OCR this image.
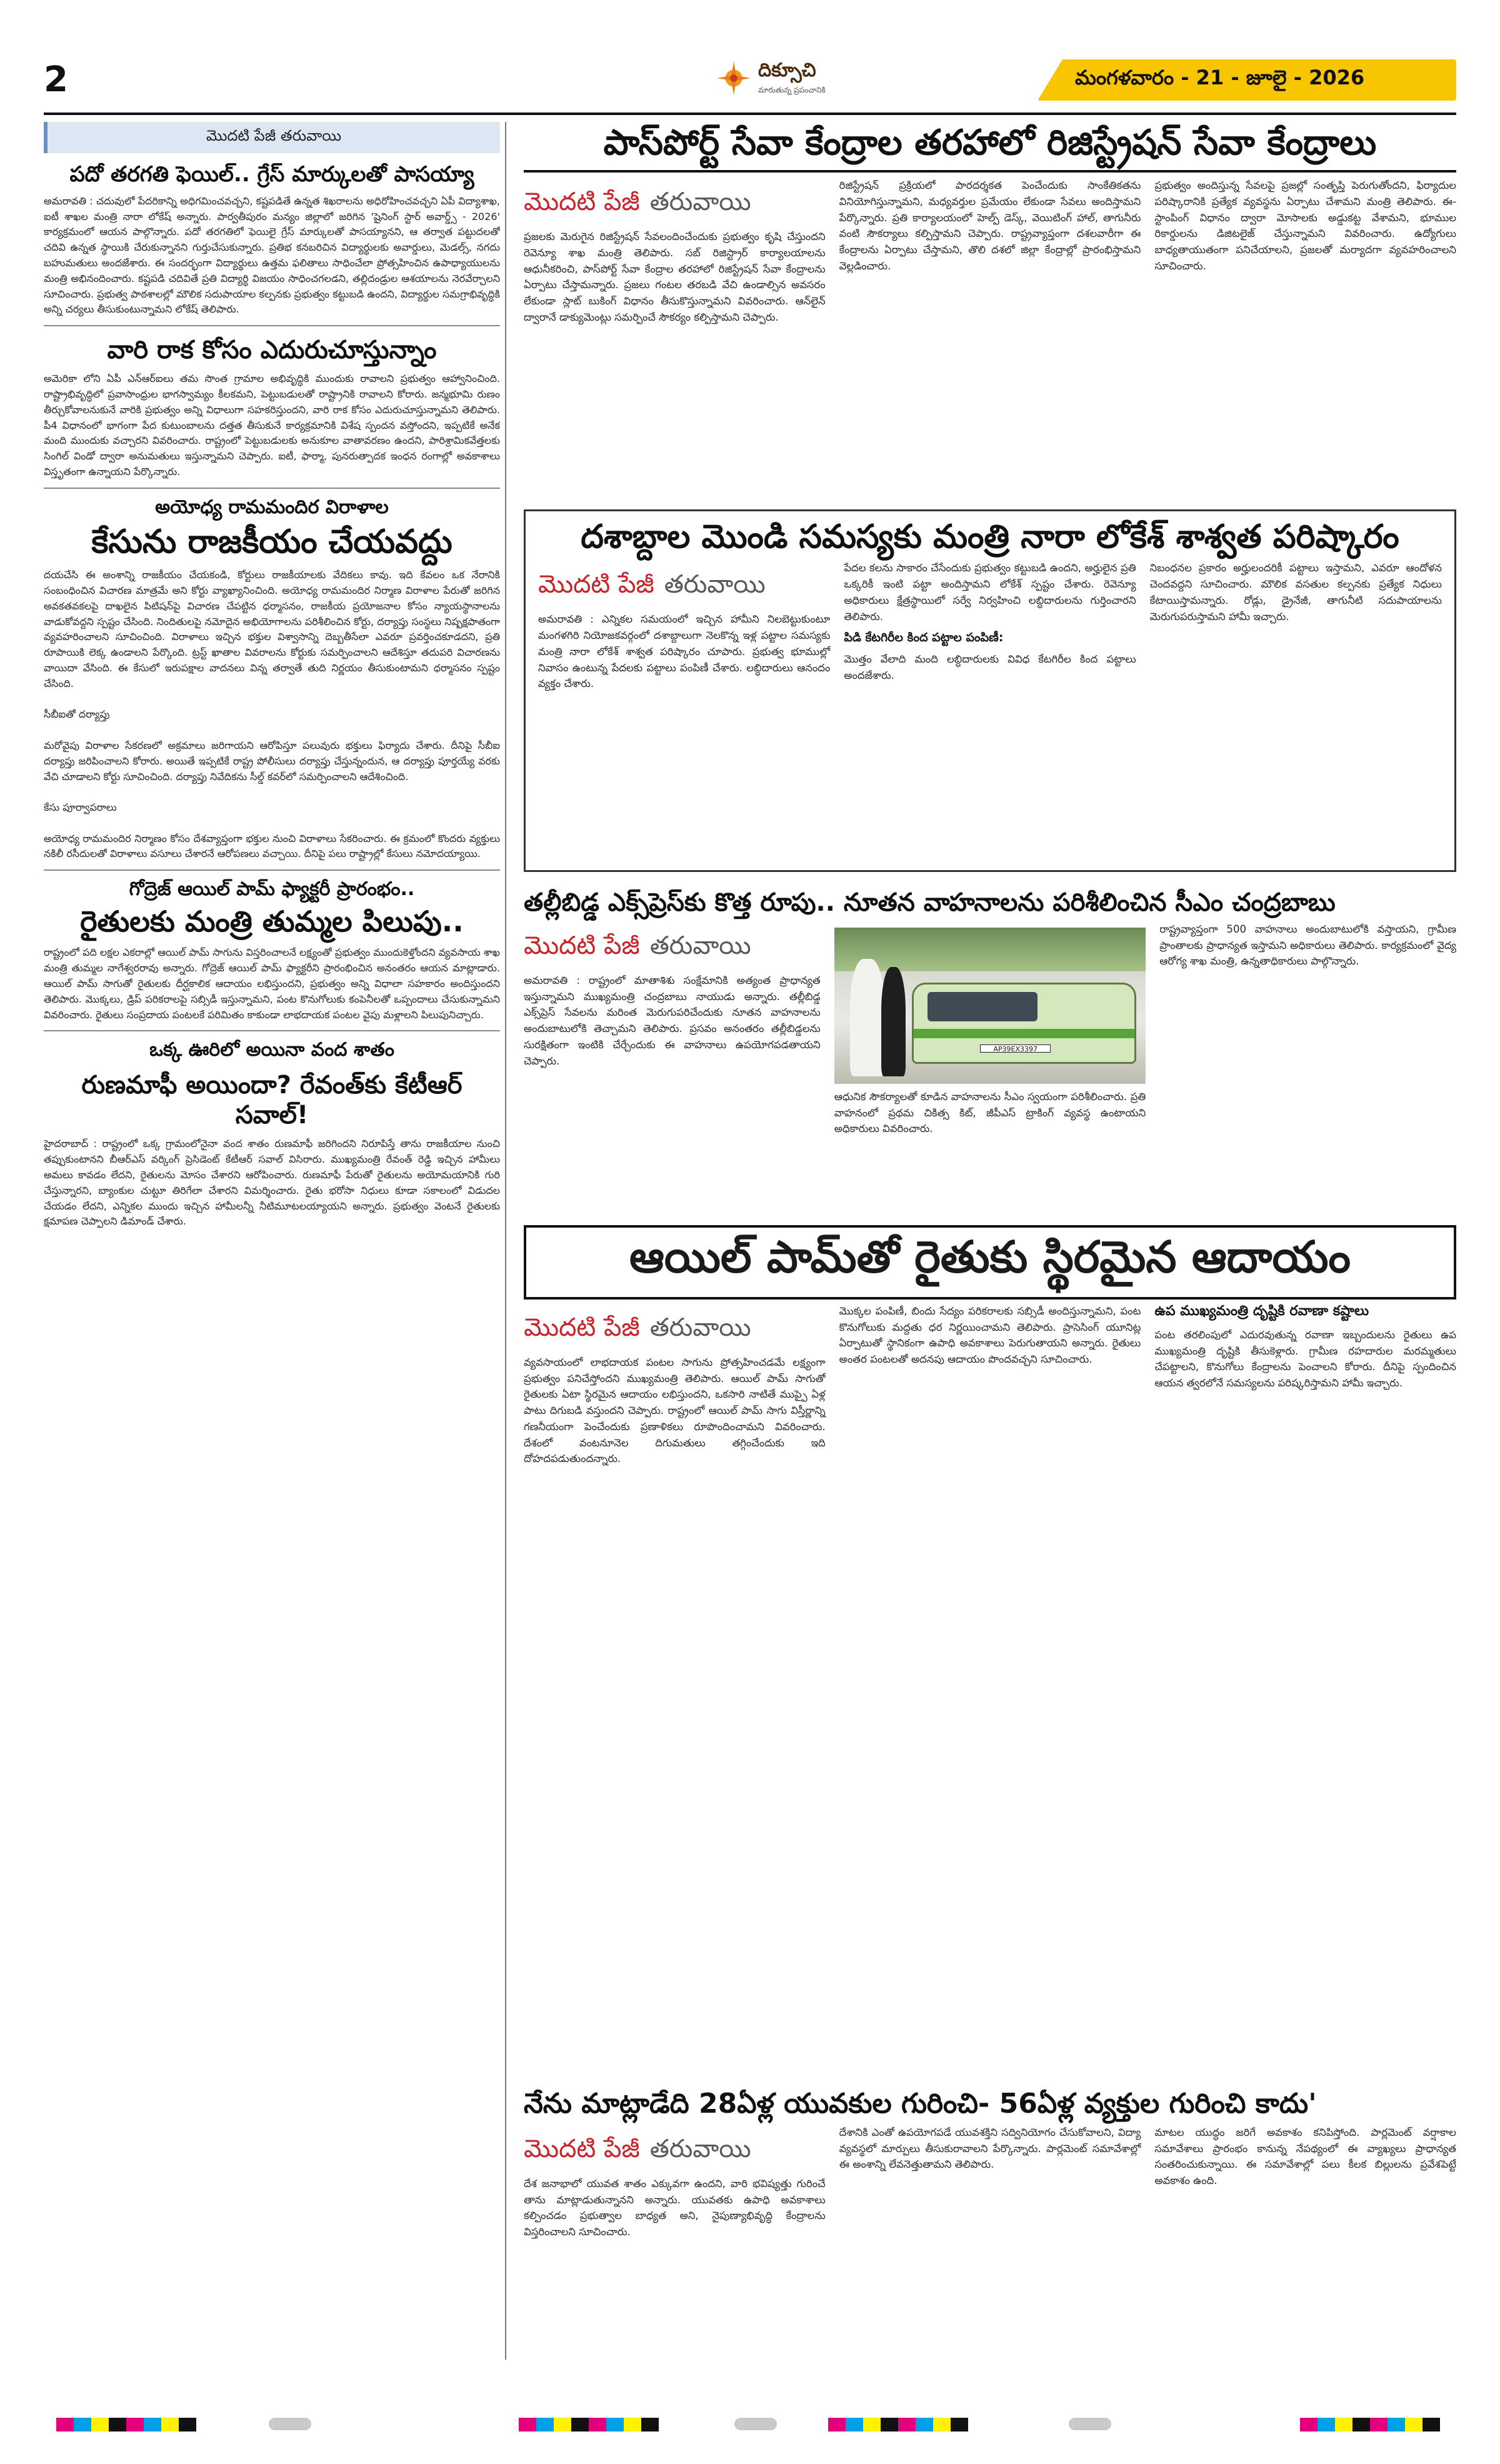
2	దిక్సూచి
మారుతున్న ప్రపంచానికి
మంగళవారం - 21 - జూలై - 2026
మొదటి పేజీ తరువాయి
పదో తరగతి ఫెయిల్.. గ్రేస్ మార్కులతో పాసయ్యా
అమరావతి : చదువులో పేదరికాన్ని అధిగమించవచ్చని, కష్టపడితే ఉన్నత శిఖరాలను అధిరోహించవచ్చని ఏపీ విద్యాశాఖ, ఐటీ శాఖల మంత్రి నారా లోకేష్ అన్నారు. పార్వతీపురం మన్యం జిల్లాలో జరిగిన 'షైనింగ్ స్టార్ అవార్డ్స్ - 2026' కార్యక్రమంలో ఆయన పాల్గొన్నారు. పదో తరగతిలో ఫెయిలై గ్రేస్ మార్కులతో పాసయ్యానని, ఆ తర్వాత పట్టుదలతో చదివి ఉన్నత స్థాయికి చేరుకున్నానని గుర్తుచేసుకున్నారు. ప్రతిభ కనబరిచిన విద్యార్థులకు అవార్డులు, మెడల్స్, నగదు బహుమతులు అందజేశారు. ఈ సందర్భంగా విద్యార్థులు ఉత్తమ ఫలితాలు సాధించేలా ప్రోత్సహించిన ఉపాధ్యాయులను మంత్రి అభినందించారు. కష్టపడి చదివితే ప్రతి విద్యార్థి విజయం సాధించగలడని, తల్లిదండ్రుల ఆశయాలను నెరవేర్చాలని సూచించారు. ప్రభుత్వ పాఠశాలల్లో మౌలిక సదుపాయాల కల్పనకు ప్రభుత్వం కట్టుబడి ఉందని, విద్యార్థుల సమగ్రాభివృద్ధికి అన్ని చర్యలు తీసుకుంటున్నామని లోకేష్ తెలిపారు.
వారి రాక కోసం ఎదురుచూస్తున్నాం
అమెరికా లోని ఏపీ ఎన్ఆర్ఐలు తమ సొంత గ్రామాల అభివృద్ధికి ముందుకు రావాలని ప్రభుత్వం ఆహ్వానించింది. రాష్ట్రాభివృద్ధిలో ప్రవాసాంధ్రుల భాగస్వామ్యం కీలకమని, పెట్టుబడులతో రాష్ట్రానికి రావాలని కోరారు. జన్మభూమి రుణం తీర్చుకోవాలనుకునే వారికి ప్రభుత్వం అన్ని విధాలుగా సహకరిస్తుందని, వారి రాక కోసం ఎదురుచూస్తున్నామని తెలిపారు. పీ4 విధానంలో భాగంగా పేద కుటుంబాలను దత్తత తీసుకునే కార్యక్రమానికి విశేష స్పందన వస్తోందని, ఇప్పటికే అనేక మంది ముందుకు వచ్చారని వివరించారు. రాష్ట్రంలో పెట్టుబడులకు అనుకూల వాతావరణం ఉందని, పారిశ్రామికవేత్తలకు సింగిల్ విండో ద్వారా అనుమతులు ఇస్తున్నామని చెప్పారు. ఐటీ, ఫార్మా, పునరుత్పాదక ఇంధన రంగాల్లో అవకాశాలు విస్తృతంగా ఉన్నాయని పేర్కొన్నారు.
అయోధ్య రామమందిర విరాళాల
కేసును రాజకీయం చేయవద్దు
దయచేసి ఈ అంశాన్ని రాజకీయం చేయకండి, కోర్టులు రాజకీయాలకు వేదికలు కావు. ఇది కేవలం ఒక నేరానికి సంబంధించిన విచారణ మాత్రమే అని కోర్టు వ్యాఖ్యానించింది. అయోధ్య రామమందిర నిర్మాణ విరాళాల పేరుతో జరిగిన అవకతవకలపై దాఖలైన పిటిషన్‌పై విచారణ చేపట్టిన ధర్మాసనం, రాజకీయ ప్రయోజనాల కోసం న్యాయస్థానాలను వాడుకోవద్దని స్పష్టం చేసింది. నిందితులపై నమోదైన అభియోగాలను పరిశీలించిన కోర్టు, దర్యాప్తు సంస్థలు నిష్పక్షపాతంగా వ్యవహరించాలని సూచించింది. విరాళాలు ఇచ్చిన భక్తుల విశ్వాసాన్ని దెబ్బతీసేలా ఎవరూ ప్రవర్తించకూడదని, ప్రతి రూపాయికి లెక్క ఉండాలని పేర్కొంది. ట్రస్ట్ ఖాతాల వివరాలను కోర్టుకు సమర్పించాలని ఆదేశిస్తూ తదుపరి విచారణను వాయిదా వేసింది. ఈ కేసులో ఇరుపక్షాల వాదనలు విన్న తర్వాతే తుది నిర్ణయం తీసుకుంటామని ధర్మాసనం స్పష్టం చేసింది.

సీబీఐతో దర్యాప్తు

మరోవైపు విరాళాల సేకరణలో అక్రమాలు జరిగాయని ఆరోపిస్తూ పలువురు భక్తులు ఫిర్యాదు చేశారు. దీనిపై సీబీఐ దర్యాప్తు జరిపించాలని కోరారు. అయితే ఇప్పటికే రాష్ట్ర పోలీసులు దర్యాప్తు చేస్తున్నందున, ఆ దర్యాప్తు పూర్తయ్యే వరకు వేచి చూడాలని కోర్టు సూచించింది. దర్యాప్తు నివేదికను సీల్డ్ కవర్‌లో సమర్పించాలని ఆదేశించింది.

కేసు పూర్వాపరాలు

అయోధ్య రామమందిర నిర్మాణం కోసం దేశవ్యాప్తంగా భక్తుల నుంచి విరాళాలు సేకరించారు. ఈ క్రమంలో కొందరు వ్యక్తులు నకిలీ రసీదులతో విరాళాలు వసూలు చేశారనే ఆరోపణలు వచ్చాయి. దీనిపై పలు రాష్ట్రాల్లో కేసులు నమోదయ్యాయి.
గోద్రెజ్ ఆయిల్ పామ్ ఫ్యాక్టరీ ప్రారంభం..
రైతులకు మంత్రి తుమ్మల పిలుపు..
రాష్ట్రంలో పది లక్షల ఎకరాల్లో ఆయిల్ పామ్ సాగును విస్తరించాలనే లక్ష్యంతో ప్రభుత్వం ముందుకెళ్తోందని వ్యవసాయ శాఖ మంత్రి తుమ్మల నాగేశ్వరరావు అన్నారు. గోద్రెజ్ ఆయిల్ పామ్ ఫ్యాక్టరీని ప్రారంభించిన అనంతరం ఆయన మాట్లాడారు. ఆయిల్ పామ్ సాగుతో రైతులకు దీర్ఘకాలిక ఆదాయం లభిస్తుందని, ప్రభుత్వం అన్ని విధాలా సహకారం అందిస్తుందని తెలిపారు. మొక్కలు, డ్రిప్ పరికరాలపై సబ్సిడీ ఇస్తున్నామని, పంట కొనుగోలుకు కంపెనీలతో ఒప్పందాలు చేసుకున్నామని వివరించారు. రైతులు సంప్రదాయ పంటలకే పరిమితం కాకుండా లాభదాయక పంటల వైపు మళ్లాలని పిలుపునిచ్చారు.
ఒక్క ఊరిలో అయినా వంద శాతం
రుణమాఫీ అయిందా? రేవంత్‌కు కేటీఆర్ సవాల్!
హైదరాబాద్ : రాష్ట్రంలో ఒక్క గ్రామంలోనైనా వంద శాతం రుణమాఫీ జరిగిందని నిరూపిస్తే తాను రాజకీయాల నుంచి తప్పుకుంటానని బీఆర్ఎస్ వర్కింగ్ ప్రెసిడెంట్ కేటీఆర్ సవాల్ విసిరారు. ముఖ్యమంత్రి రేవంత్ రెడ్డి ఇచ్చిన హామీలు అమలు కావడం లేదని, రైతులను మోసం చేశారని ఆరోపించారు. రుణమాఫీ పేరుతో రైతులను అయోమయానికి గురి చేస్తున్నారని, బ్యాంకుల చుట్టూ తిరిగేలా చేశారని విమర్శించారు. రైతు భరోసా నిధులు కూడా సకాలంలో విడుదల చేయడం లేదని, ఎన్నికల ముందు ఇచ్చిన హామీలన్నీ నీటిమూటలయ్యాయని అన్నారు. ప్రభుత్వం వెంటనే రైతులకు క్షమాపణ చెప్పాలని డిమాండ్ చేశారు.
పాస్‌పోర్ట్ సేవా కేంద్రాల తరహాలో రిజిస్ట్రేషన్ సేవా కేంద్రాలు
మొదటి పేజీ తరువాయి
ప్రజలకు మెరుగైన రిజిస్ట్రేషన్ సేవలందించేందుకు ప్రభుత్వం కృషి చేస్తుందని రెవెన్యూ శాఖ మంత్రి తెలిపారు. సబ్ రిజిస్ట్రార్ కార్యాలయాలను ఆధునీకరించి, పాస్‌పోర్ట్ సేవా కేంద్రాల తరహాలో రిజిస్ట్రేషన్ సేవా కేంద్రాలను ఏర్పాటు చేస్తామన్నారు. ప్రజలు గంటల తరబడి వేచి ఉండాల్సిన అవసరం లేకుండా స్లాట్ బుకింగ్ విధానం తీసుకొస్తున్నామని వివరించారు. ఆన్‌లైన్ ద్వారానే డాక్యుమెంట్లు సమర్పించే సౌకర్యం కల్పిస్తామని చెప్పారు.
రిజిస్ట్రేషన్ ప్రక్రియలో పారదర్శకత పెంచేందుకు సాంకేతికతను వినియోగిస్తున్నామని, మధ్యవర్తుల ప్రమేయం లేకుండా సేవలు అందిస్తామని పేర్కొన్నారు. ప్రతి కార్యాలయంలో హెల్ప్ డెస్క్, వెయిటింగ్ హాల్, తాగునీరు వంటి సౌకర్యాలు కల్పిస్తామని చెప్పారు. రాష్ట్రవ్యాప్తంగా దశలవారీగా ఈ కేంద్రాలను ఏర్పాటు చేస్తామని, తొలి దశలో జిల్లా కేంద్రాల్లో ప్రారంభిస్తామని వెల్లడించారు.
ప్రభుత్వం అందిస్తున్న సేవలపై ప్రజల్లో సంతృప్తి పెరుగుతోందని, ఫిర్యాదుల పరిష్కారానికి ప్రత్యేక వ్యవస్థను ఏర్పాటు చేశామని మంత్రి తెలిపారు. ఈ-స్టాంపింగ్ విధానం ద్వారా మోసాలకు అడ్డుకట్ట వేశామని, భూముల రికార్డులను డిజిటలైజ్ చేస్తున్నామని వివరించారు. ఉద్యోగులు బాధ్యతాయుతంగా పనిచేయాలని, ప్రజలతో మర్యాదగా వ్యవహరించాలని సూచించారు.
దశాబ్దాల మొండి సమస్యకు మంత్రి నారా లోకేశ్ శాశ్వత పరిష్కారం
మొదటి పేజీ తరువాయి
అమరావతి : ఎన్నికల సమయంలో ఇచ్చిన హామీని నిలబెట్టుకుంటూ మంగళగిరి నియోజకవర్గంలో దశాబ్దాలుగా నెలకొన్న ఇళ్ల పట్టాల సమస్యకు మంత్రి నారా లోకేశ్ శాశ్వత పరిష్కారం చూపారు. ప్రభుత్వ భూముల్లో నివాసం ఉంటున్న పేదలకు పట్టాలు పంపిణీ చేశారు. లబ్ధిదారులు ఆనందం వ్యక్తం చేశారు.
పేదల కలను సాకారం చేసేందుకు ప్రభుత్వం కట్టుబడి ఉందని, అర్హులైన ప్రతి ఒక్కరికీ ఇంటి పట్టా అందిస్తామని లోకేశ్ స్పష్టం చేశారు. రెవెన్యూ అధికారులు క్షేత్రస్థాయిలో సర్వే నిర్వహించి లబ్ధిదారులను గుర్తించారని తెలిపారు.
పిడి కేటగిరీల కింద పట్టాల పంపిణీ:
మొత్తం వేలాది మంది లబ్ధిదారులకు వివిధ కేటగిరీల కింద పట్టాలు అందజేశారు.
నిబంధనల ప్రకారం అర్హులందరికీ పట్టాలు ఇస్తామని, ఎవరూ ఆందోళన చెందవద్దని సూచించారు. మౌలిక వసతుల కల్పనకు ప్రత్యేక నిధులు కేటాయిస్తామన్నారు. రోడ్లు, డ్రైనేజీ, తాగునీటి సదుపాయాలను మెరుగుపరుస్తామని హామీ ఇచ్చారు.
తల్లీబిడ్డ ఎక్స్‌ప్రెస్‌కు కొత్త రూపు.. నూతన వాహనాలను పరిశీలించిన సీఎం చంద్రబాబు
మొదటి పేజీ తరువాయి
అమరావతి : రాష్ట్రంలో మాతాశిశు సంక్షేమానికి అత్యంత ప్రాధాన్యత ఇస్తున్నామని ముఖ్యమంత్రి చంద్రబాబు నాయుడు అన్నారు. తల్లీబిడ్డ ఎక్స్‌ప్రెస్ సేవలను మరింత మెరుగుపరిచేందుకు నూతన వాహనాలను అందుబాటులోకి తెచ్చామని తెలిపారు. ప్రసవం అనంతరం తల్లీబిడ్డలను సురక్షితంగా ఇంటికి చేర్చేందుకు ఈ వాహనాలు ఉపయోగపడతాయని చెప్పారు.
AP39EX3397
ఆధునిక సౌకర్యాలతో కూడిన వాహనాలను సీఎం స్వయంగా పరిశీలించారు. ప్రతి వాహనంలో ప్రథమ చికిత్స కిట్, జీపీఎస్ ట్రాకింగ్ వ్యవస్థ ఉంటాయని అధికారులు వివరించారు.
రాష్ట్రవ్యాప్తంగా 500 వాహనాలు అందుబాటులోకి వస్తాయని, గ్రామీణ ప్రాంతాలకు ప్రాధాన్యత ఇస్తామని అధికారులు తెలిపారు. కార్యక్రమంలో వైద్య ఆరోగ్య శాఖ మంత్రి, ఉన్నతాధికారులు పాల్గొన్నారు.
ఆయిల్ పామ్‌తో రైతుకు స్థిరమైన ఆదాయం
మొదటి పేజీ తరువాయి
వ్యవసాయంలో లాభదాయక పంటల సాగును ప్రోత్సహించడమే లక్ష్యంగా ప్రభుత్వం పనిచేస్తోందని ముఖ్యమంత్రి తెలిపారు. ఆయిల్ పామ్ సాగుతో రైతులకు ఏటా స్థిరమైన ఆదాయం లభిస్తుందని, ఒకసారి నాటితే ముప్పై ఏళ్ల పాటు దిగుబడి వస్తుందని చెప్పారు. రాష్ట్రంలో ఆయిల్ పామ్ సాగు విస్తీర్ణాన్ని గణనీయంగా పెంచేందుకు ప్రణాళికలు రూపొందించామని వివరించారు. దేశంలో వంటనూనెల దిగుమతులు తగ్గించేందుకు ఇది దోహదపడుతుందన్నారు.
మొక్కల పంపిణీ, బిందు సేద్యం పరికరాలకు సబ్సిడీ అందిస్తున్నామని, పంట కొనుగోలుకు మద్దతు ధర నిర్ణయించామని తెలిపారు. ప్రాసెసింగ్ యూనిట్ల ఏర్పాటుతో స్థానికంగా ఉపాధి అవకాశాలు పెరుగుతాయని అన్నారు. రైతులు అంతర పంటలతో అదనపు ఆదాయం పొందవచ్చని సూచించారు.
ఉప ముఖ్యమంత్రి దృష్టికి రవాణా కష్టాలు
పంట తరలింపులో ఎదురవుతున్న రవాణా ఇబ్బందులను రైతులు ఉప ముఖ్యమంత్రి దృష్టికి తీసుకెళ్లారు. గ్రామీణ రహదారుల మరమ్మతులు చేపట్టాలని, కొనుగోలు కేంద్రాలను పెంచాలని కోరారు. దీనిపై స్పందించిన ఆయన త్వరలోనే సమస్యలను పరిష్కరిస్తామని హామీ ఇచ్చారు.
నేను మాట్లాడేది 28ఏళ్ల యువకుల గురించి- 56ఏళ్ల వ్యక్తుల గురించి కాదు'
మొదటి పేజీ తరువాయి
దేశ జనాభాలో యువత శాతం ఎక్కువగా ఉందని, వారి భవిష్యత్తు గురించే తాను మాట్లాడుతున్నానని అన్నారు. యువతకు ఉపాధి అవకాశాలు కల్పించడం ప్రభుత్వాల బాధ్యత అని, నైపుణ్యాభివృద్ధి కేంద్రాలను విస్తరించాలని సూచించారు.
దేశానికి ఎంతో ఉపయోగపడే యువశక్తిని సద్వినియోగం చేసుకోవాలని, విద్యా వ్యవస్థలో మార్పులు తీసుకురావాలని పేర్కొన్నారు. పార్లమెంట్ సమావేశాల్లో ఈ అంశాన్ని లేవనెత్తుతామని తెలిపారు.
మాటల యుద్ధం జరిగే అవకాశం కనిపిస్తోంది. పార్లమెంట్ వర్షాకాల సమావేశాలు ప్రారంభం కానున్న నేపథ్యంలో ఈ వ్యాఖ్యలు ప్రాధాన్యత సంతరించుకున్నాయి. ఈ సమావేశాల్లో పలు కీలక బిల్లులను ప్రవేశపెట్టే అవకాశం ఉంది.
